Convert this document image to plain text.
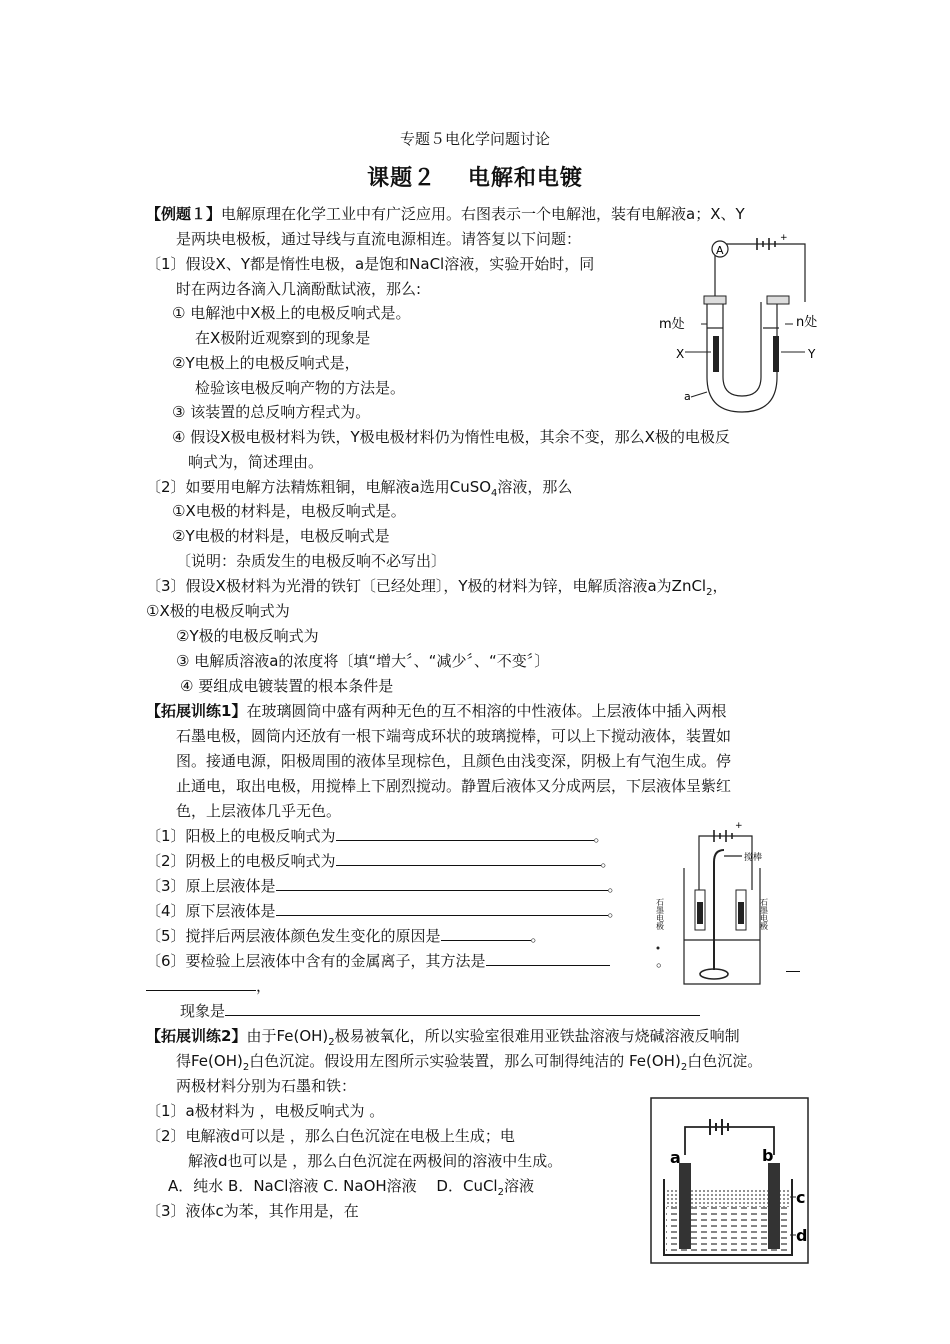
专题５电化学问题讨论
课题２　 电解和电镀
【例题１】电解原理在化学工业中有广泛应用。右图表示一个电解池，装有电解液a；X、Y
是两块电极板，通过导线与直流电源相连。请答复以下问题：
〔1〕假设X、Y都是惰性电极，a是饱和NaCl溶液，实验开始时，同
时在两边各滴入几滴酚酞试液，那么:
① 电解池中X极上的电极反响式是。
在X极附近观察到的现象是
②Y电极上的电极反响式是，
检验该电极反响产物的方法是。
③ 该装置的总反响方程式为。
④ 假设X极电极材料为铁，Y极电极材料仍为惰性电极，其余不变，那么X极的电极反
响式为，简述理由。
〔2〕如要用电解方法精炼粗铜，电解液a选用CuSO$_4$溶液，那么
①X电极的材料是，电极反响式是。
②Y电极的材料是，电极反响式是
〔说明：杂质发生的电极反响不必写出〕
〔3〕假设X极材料为光滑的铁钉〔已经处理〕，Y极的材料为锌，电解质溶液a为ZnCl$_2$，
①X极的电极反响式为
②Y极的电极反响式为
③ 电解质溶液a的浓度将〔填“增大〞、“减少〞、“不变〞〕
④ 要组成电镀装置的根本条件是
A
+
m处	n处
X	Y
a
【拓展训练1】在玻璃圆筒中盛有两种无色的互不相溶的中性液体。上层液体中插入两根
石墨电极，圆筒内还放有一根下端弯成环状的玻璃搅棒，可以上下搅动液体，装置如
图。接通电源，阳极周围的液体呈现棕色，且颜色由浅变深，阴极上有气泡生成。停
止通电，取出电极，用搅棒上下剧烈搅动。静置后液体又分成两层，下层液体呈紫红
色，上层液体几乎无色。
〔1〕阳极上的电极反响式为	。
〔2〕阴极上的电极反响式为	。
〔3〕原上层液体是	。
〔4〕原下层液体是	。
〔5〕搅拌后两层液体颜色发生变化的原因是	。
〔6〕要检验上层液体中含有的金属离子，其方法是	。
，
现象是
搅棒
+
石墨电极	石墨电极
【拓展训练2】由于$Fe(OH)_2$极易被氧化，所以实验室很难用亚铁盐溶液与烧碱溶液反响制
得$Fe(OH)_2$白色沉淀。假设用左图所示实验装置，那么可制得纯洁的 $Fe(OH)_2$白色沉淀。
两极材料分别为石墨和铁：
〔1〕a极材料为 ，电极反响式为 。
〔2〕电解液d可以是 ，那么白色沉淀在电极上生成；电
解液d也可以是 ，那么白色沉淀在两极间的溶液中生成。
A．纯水 B．NaCl溶液 C. NaOH溶液 　D．CuCl$_2$溶液
〔3〕液体c为苯，其作用是，在
a	b
c
d
